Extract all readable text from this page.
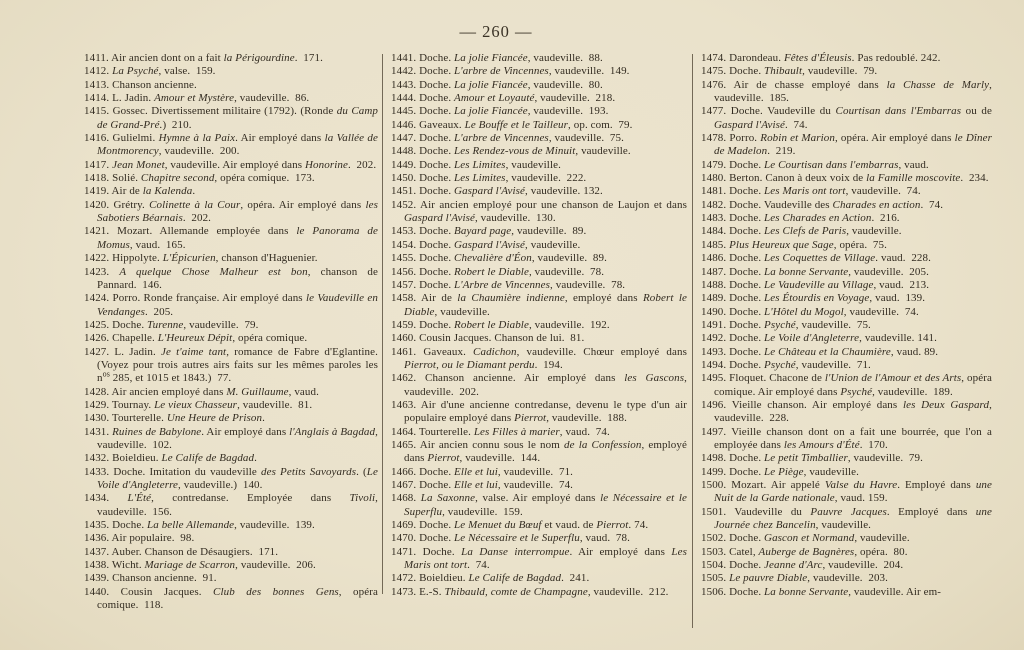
— 260 —

1411. Air ancien dont on a fait la Périgourdine.  171.

1412. La Psyché, valse.  159.

1413. Chanson ancienne.

1414. L. Jadin. Amour et Mystère, vaudeville.  86.

1415. Gossec. Divertissement militaire (1792). (Ronde du Camp de Grand-Pré.)  210.

1416. Gulielmi. Hymne à la Paix. Air employé dans la Vallée de Montmorency, vaudeville.  200.

1417. Jean Monet, vaudeville. Air employé dans Honorine.  202.

1418. Solié. Chapitre second, opéra comique.  173.

1419. Air de la Kalenda.

1420. Grétry. Colinette à la Cour, opéra. Air employé dans les Sabotiers Béarnais.  202.

1421. Mozart. Allemande employée dans le Panorama de Momus, vaud.  165.

1422. Hippolyte. L'Épicurien, chanson d'Haguenier.

1423. A quelque Chose Malheur est bon, chanson de Pannard.  146.

1424. Porro. Ronde française. Air employé dans le Vaudeville en Vendanges.  205.

1425. Doche. Turenne, vaudeville.  79.

1426. Chapelle. L'Heureux Dépit, opéra comique.

1427. L. Jadin. Je t'aime tant, romance de Fabre d'Eglantine. (Voyez pour trois autres airs faits sur les mêmes paroles les $n^{os}$ 285, et 1015 et 1843.)  77.

1428. Air ancien employé dans M. Guillaume, vaud.

1429. Tournay. Le vieux Chasseur, vaudeville.  81.

1430. Tourterelle. Une Heure de Prison.

1431. Ruines de Babylone. Air employé dans l'Anglais à Bagdad, vaudeville.  102.

1432. Boieldieu. Le Calife de Bagdad.

1433. Doche. Imitation du vaudeville des Petits Savoyards. (Le Voile d'Angleterre, vaudeville.)  140.

1434. L'Été, contredanse. Employée dans Tivoli, vaudeville.  156.

1435. Doche. La belle Allemande, vaudeville.  139.

1436. Air populaire.  98.

1437. Auber. Chanson de Désaugiers.  171.

1438. Wicht. Mariage de Scarron, vaudeville.  206.

1439. Chanson ancienne.  91.

1440. Cousin Jacques. Club des bonnes Gens, opéra comique.  118.

1441. Doche. La jolie Fiancée, vaudeville.  88.

1442. Doche. L'arbre de Vincennes, vaudeville.  149.

1443. Doche. La jolie Fiancée, vaudeville.  80.

1444. Doche. Amour et Loyauté, vaudeville.  218.

1445. Doche. La jolie Fiancée, vaudeville.  193.

1446. Gaveaux. Le Bouffe et le Tailleur, op. com.  79.

1447. Doche. L'arbre de Vincennes, vaudeville.  75.

1448. Doche. Les Rendez-vous de Minuit, vaudeville.

1449. Doche. Les Limites, vaudeville.

1450. Doche. Les Limites, vaudeville.  222.

1451. Doche. Gaspard l'Avisé, vaudeville. 132.

1452. Air ancien employé pour une chanson de Laujon et dans Gaspard l'Avisé, vaudeville.  130.

1453. Doche. Bayard page, vaudeville.  89.

1454. Doche. Gaspard l'Avisé, vaudeville.

1455. Doche. Chevalière d'Éon, vaudeville.  89.

1456. Doche. Robert le Diable, vaudeville.  78.

1457. Doche. L'Arbre de Vincennes, vaudeville.  78.

1458. Air de la Chaumière indienne, employé dans Robert le Diable, vaudeville.

1459. Doche. Robert le Diable, vaudeville.  192.

1460. Cousin Jacques. Chanson de lui.  81.

1461. Gaveaux. Cadichon, vaudeville. Chœur employé dans Pierrot, ou le Diamant perdu.  194.

1462. Chanson ancienne. Air employé dans les Gascons, vaudeville.  202.

1463. Air d'une ancienne contredanse, devenu le type d'un air populaire employé dans Pierrot, vaudeville.  188.

1464. Tourterelle. Les Filles à marier, vaud.  74.

1465. Air ancien connu sous le nom de la Confession, employé dans Pierrot, vaudeville.  144.

1466. Doche. Elle et lui, vaudeville.  71.

1467. Doche. Elle et lui, vaudeville.  74.

1468. La Saxonne, valse. Air employé dans le Nécessaire et le Superflu, vaudeville.  159.

1469. Doche. Le Menuet du Bœuf et vaud. de Pierrot. 74.

1470. Doche. Le Nécessaire et le Superflu, vaud.  78.

1471. Doche. La Danse interrompue. Air employé dans Les Maris ont tort.  74.

1472. Boieldieu. Le Calife de Bagdad.  241.

1473. E.-S. Thibauld, comte de Champagne, vaudeville.  212.

1474. Darondeau. Fêtes d'Éleusis. Pas redoublé. 242.

1475. Doche. Thibault, vaudeville.  79.

1476. Air de chasse employé dans la Chasse de Marly, vaudeville.  185.

1477. Doche. Vaudeville du Courtisan dans l'Embarras ou de Gaspard l'Avisé.  74.

1478. Porro. Robin et Marion, opéra. Air employé dans le Dîner de Madelon.  219.

1479. Doche. Le Courtisan dans l'embarras, vaud.

1480. Berton. Canon à deux voix de la Famille moscovite.  234.

1481. Doche. Les Maris ont tort, vaudeville.  74.

1482. Doche. Vaudeville des Charades en action.  74.

1483. Doche. Les Charades en Action.  216.

1484. Doche. Les Clefs de Paris, vaudeville.

1485. Plus Heureux que Sage, opéra.  75.

1486. Doche. Les Coquettes de Village. vaud.  228.

1487. Doche. La bonne Servante, vaudeville.  205.

1488. Doche. Le Vaudeville au Village, vaud.  213.

1489. Doche. Les Étourdis en Voyage, vaud.  139.

1490. Doche. L'Hôtel du Mogol, vaudeville.  74.

1491. Doche. Psyché, vaudeville.  75.

1492. Doche. Le Voile d'Angleterre, vaudeville. 141.

1493. Doche. Le Château et la Chaumière, vaud. 89.

1494. Doche. Psyché, vaudeville.  71.

1495. Floquet. Chacone de l'Union de l'Amour et des Arts, opéra comique. Air employé dans Psyché, vaudeville.  189.

1496. Vieille chanson. Air employé dans les Deux Gaspard, vaudeville.  228.

1497. Vieille chanson dont on a fait une bourrée, que l'on a employée dans les Amours d'Été.  170.

1498. Doche. Le petit Timballier, vaudeville.  79.

1499. Doche. Le Piège, vaudeville.

1500. Mozart. Air appelé Valse du Havre. Employé dans une Nuit de la Garde nationale, vaud. 159.

1501. Vaudeville du Pauvre Jacques. Employé dans une Journée chez Bancelin, vaudeville.

1502. Doche. Gascon et Normand, vaudeville.

1503. Catel, Auberge de Bagnères, opéra.  80.

1504. Doche. Jeanne d'Arc, vaudeville.  204.

1505. Le pauvre Diable, vaudeville.  203.

1506. Doche. La bonne Servante, vaudeville. Air em-
